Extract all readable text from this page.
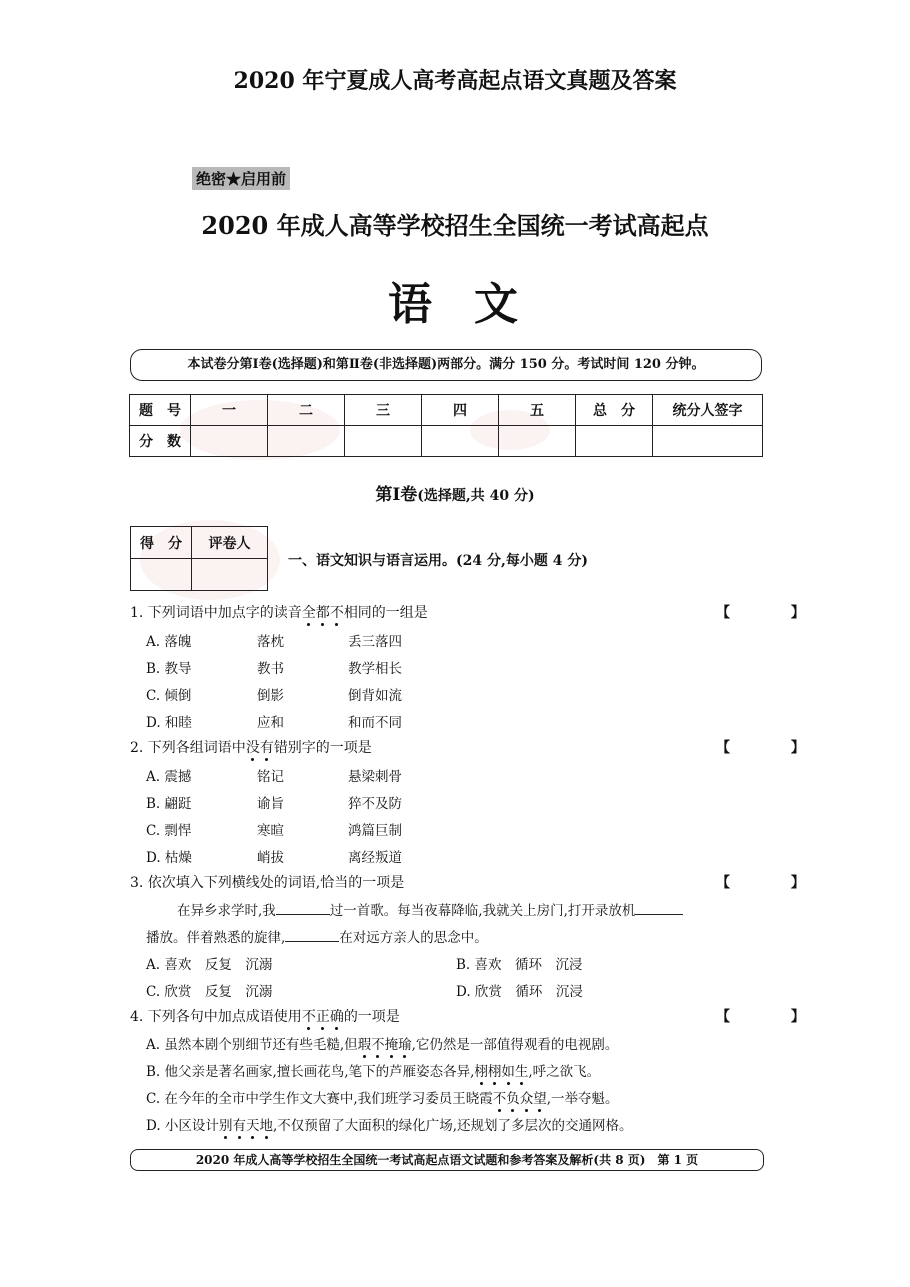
2020 年宁夏成人高考高起点语文真题及答案
绝密★启用前
2020 年成人高等学校招生全国统一考试高起点
语文
本试卷分第Ⅰ卷(选择题)和第Ⅱ卷(非选择题)两部分。满分 150 分。考试时间 120 分钟。
题　号	一	二	三	四	五	总　分	统分人签字
分　数							
第Ⅰ卷(选择题,共 40 分)
得　分	评卷人

一、语文知识与语言运用。(24 分,每小题 4 分)
1. 下列词语中加点字的读音全都不相同的一组是	【 】
A. 落魄	落枕	丢三落四
B. 教导	教书	教学相长
C. 倾倒	倒影	倒背如流
D. 和睦	应和	和而不同
2. 下列各组词语中没有错别字的一项是	【 】
A. 震撼	铭记	悬梁刺骨
B. 翩跹	谕旨	猝不及防
C. 剽悍	寒暄	鸿篇巨制
D. 枯燥	峭拔	离经叛道
3. 依次填入下列横线处的词语,恰当的一项是	【 】
在异乡求学时,我	过一首歌。每当夜幕降临,我就关上房门,打开录放机
播放。伴着熟悉的旋律,	在对远方亲人的思念中。
A. 喜欢　反复　沉溺	B. 喜欢　循环　沉浸
C. 欣赏　反复　沉溺	D. 欣赏　循环　沉浸
4. 下列各句中加点成语使用不正确的一项是	【 】
A. 虽然本剧个别细节还有些毛糙,但瑕不掩瑜,它仍然是一部值得观看的电视剧。
B. 他父亲是著名画家,擅长画花鸟,笔下的芦雁姿态各异,栩栩如生,呼之欲飞。
C. 在今年的全市中学生作文大赛中,我们班学习委员王晓霞不负众望,一举夺魁。
D. 小区设计别有天地,不仅预留了大面积的绿化广场,还规划了多层次的交通网格。
2020 年成人高等学校招生全国统一考试高起点语文试题和参考答案及解析(共 8 页)　第 1 页
